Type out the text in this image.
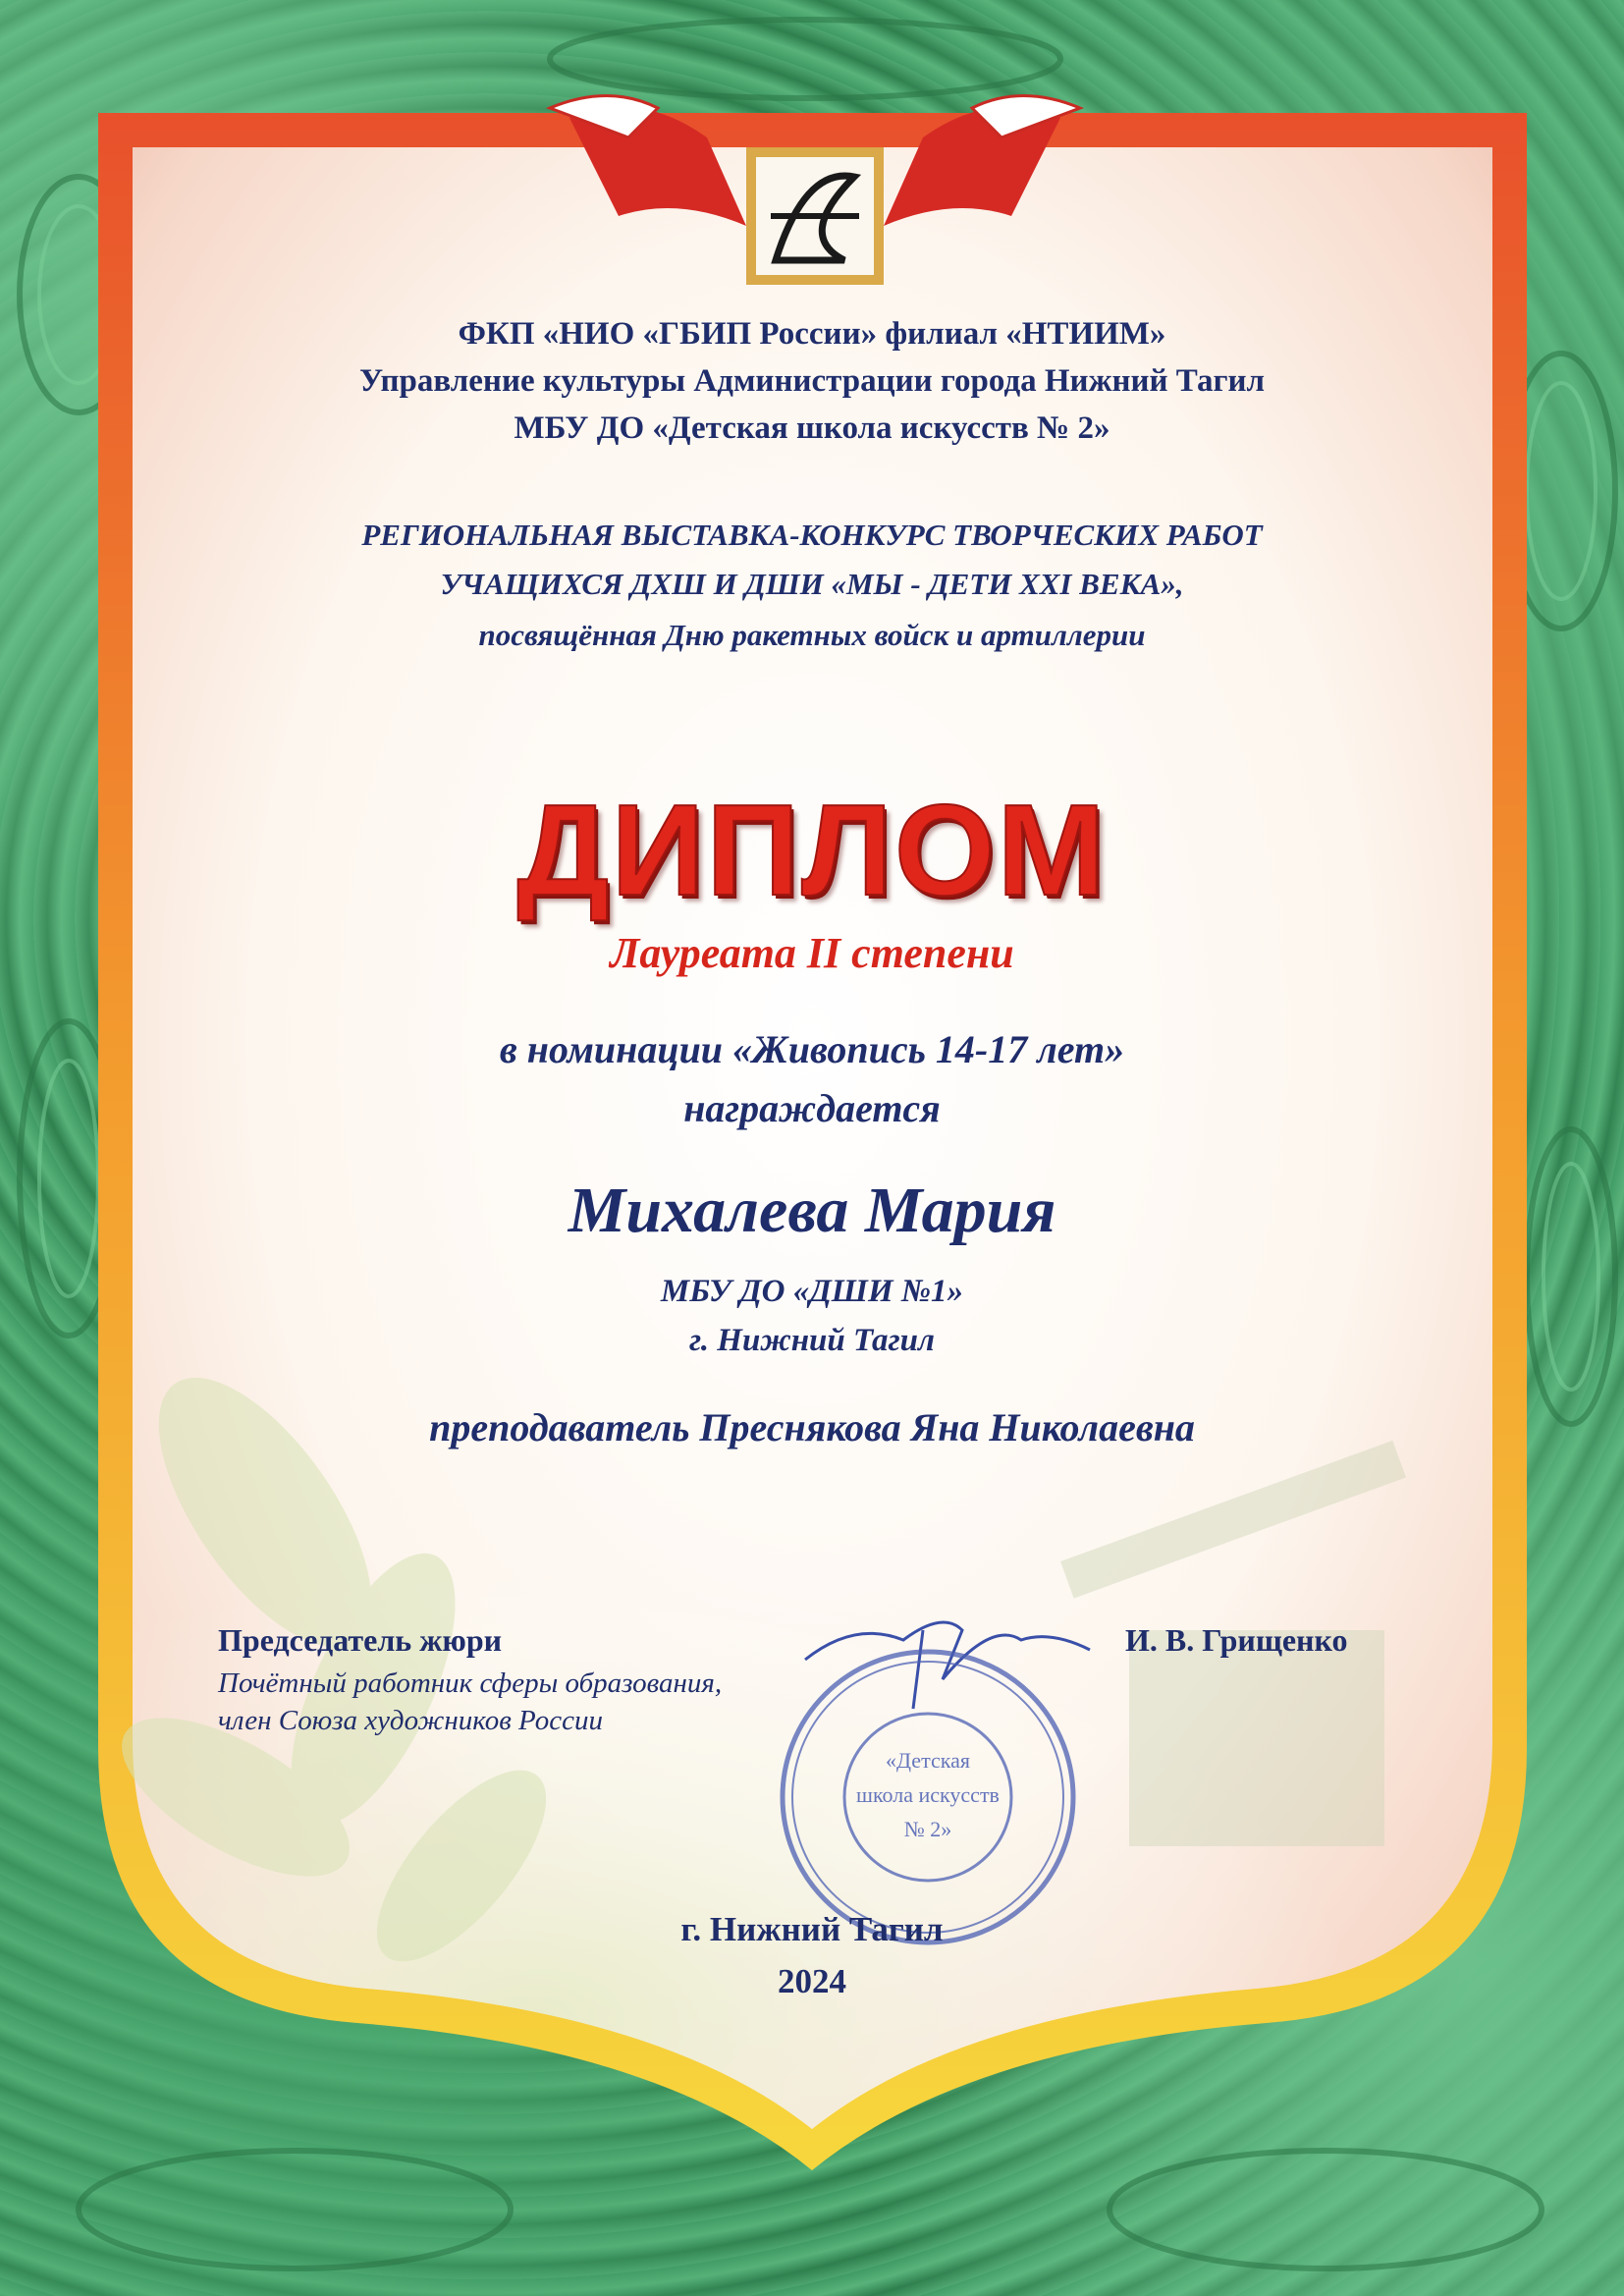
ФКП «НИО «ГБИП России» филиал «НТИИМ»

Управление культуры Администрации города Нижний Тагил

МБУ ДО «Детская школа искусств № 2»

РЕГИОНАЛЬНАЯ ВЫСТАВКА-КОНКУРС ТВОРЧЕСКИХ РАБОТ

УЧАЩИХСЯ ДХШ И ДШИ «МЫ - ДЕТИ XXI ВЕКА»,

посвящённая Дню ракетных войск и артиллерии

ДИПЛОМ

Лауреата II степени

в номинации «Живопись 14-17 лет»

награждается

Михалева Мария

МБУ ДО «ДШИ №1»

г. Нижний Тагил

преподаватель Преснякова Яна Николаевна

Председатель жюри

Почётный работник сферы образования,

член Союза художников России

И. В. Грищенко

«Детская
школа искусств
№ 2»

г. Нижний Тагил

2024
